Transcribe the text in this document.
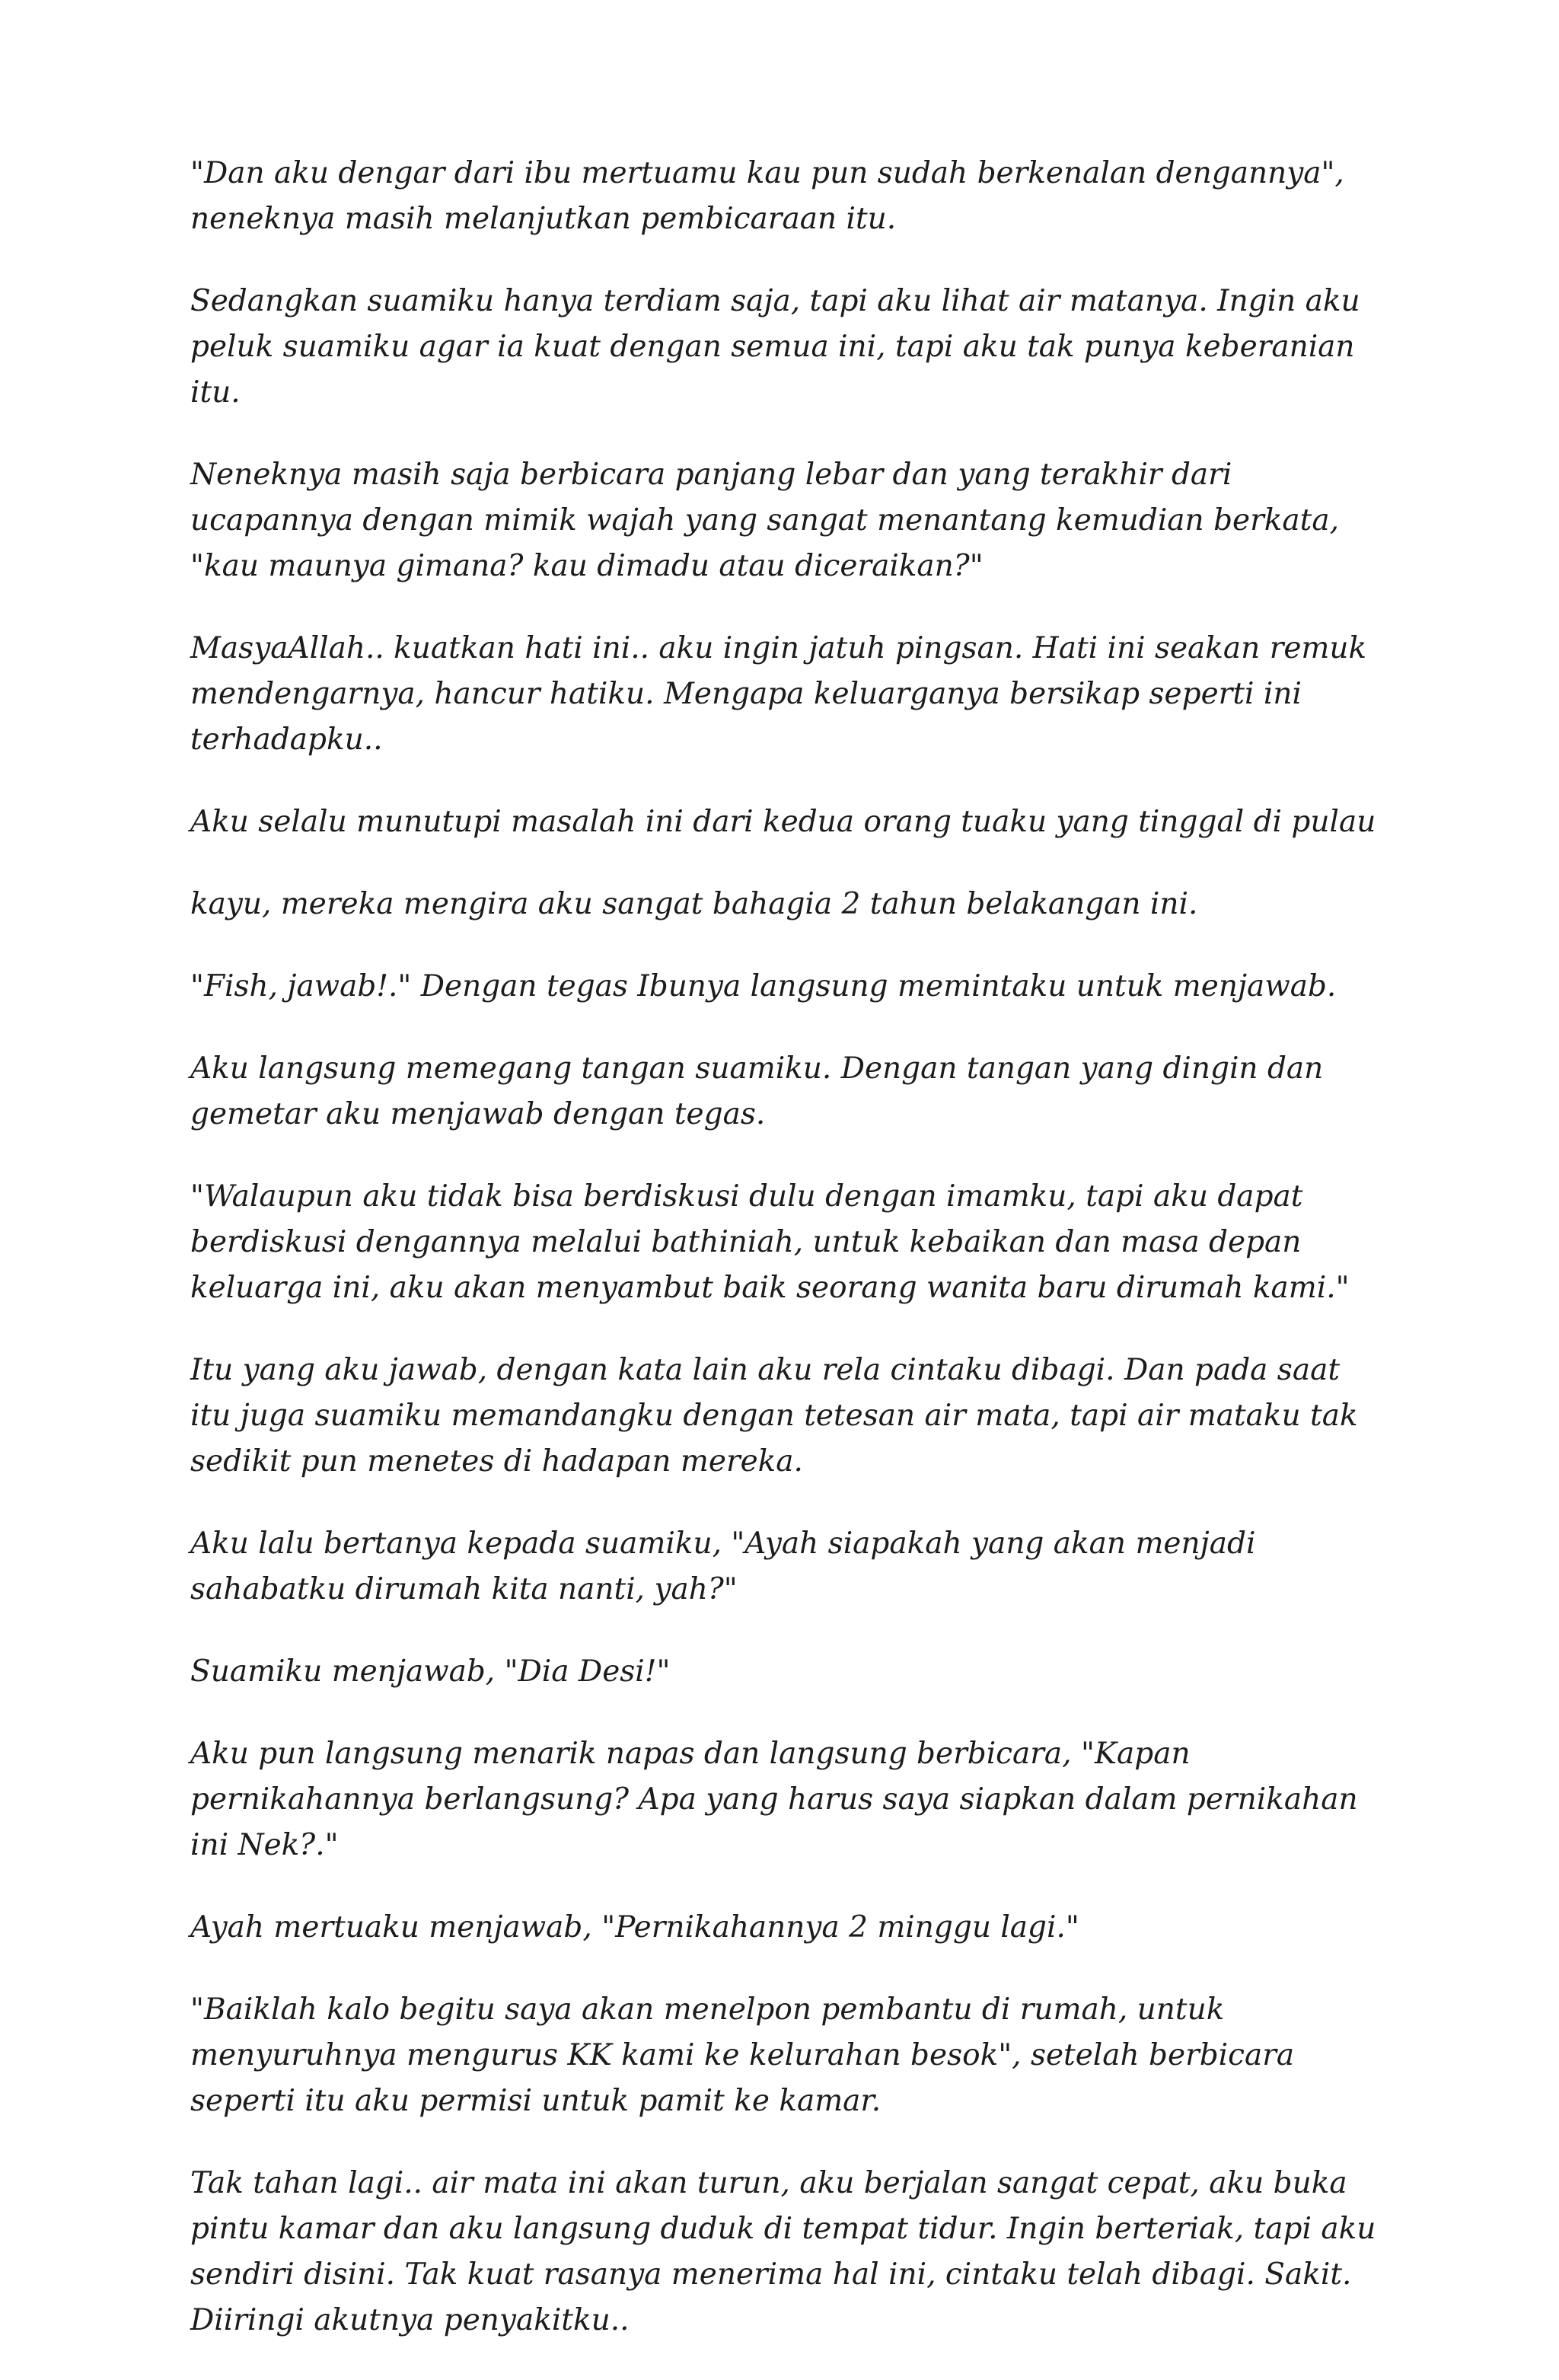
"Dan aku dengar dari ibu mertuamu kau pun sudah berkenalan dengannya", neneknya masih melanjutkan pembicaraan itu.

Sedangkan suamiku hanya terdiam saja, tapi aku lihat air matanya. Ingin aku peluk suamiku agar ia kuat dengan semua ini, tapi aku tak punya keberanian itu.

Neneknya masih saja berbicara panjang lebar dan yang terakhir dari ucapannya dengan mimik wajah yang sangat menantang kemudian berkata, "kau maunya gimana? kau dimadu atau diceraikan?"

MasyaAllah.. kuatkan hati ini.. aku ingin jatuh pingsan. Hati ini seakan remuk mendengarnya, hancur hatiku. Mengapa keluarganya bersikap seperti ini terhadapku..

Aku selalu munutupi masalah ini dari kedua orang tuaku yang tinggal di pulau

kayu, mereka mengira aku sangat bahagia 2 tahun belakangan ini.

"Fish, jawab!." Dengan tegas Ibunya langsung memintaku untuk menjawab.

Aku langsung memegang tangan suamiku. Dengan tangan yang dingin dan gemetar aku menjawab dengan tegas.

"Walaupun aku tidak bisa berdiskusi dulu dengan imamku, tapi aku dapat berdiskusi dengannya melalui bathiniah, untuk kebaikan dan masa depan keluarga ini, aku akan menyambut baik seorang wanita baru dirumah kami."

Itu yang aku jawab, dengan kata lain aku rela cintaku dibagi. Dan pada saat itu juga suamiku memandangku dengan tetesan air mata, tapi air mataku tak sedikit pun menetes di hadapan mereka.

Aku lalu bertanya kepada suamiku, "Ayah siapakah yang akan menjadi sahabatku dirumah kita nanti, yah?"

Suamiku menjawab, "Dia Desi!"

Aku pun langsung menarik napas dan langsung berbicara, "Kapan pernikahannya berlangsung? Apa yang harus saya siapkan dalam pernikahan ini Nek?."

Ayah mertuaku menjawab, "Pernikahannya 2 minggu lagi."

"Baiklah kalo begitu saya akan menelpon pembantu di rumah, untuk menyuruhnya mengurus KK kami ke kelurahan besok", setelah berbicara seperti itu aku permisi untuk pamit ke kamar.

Tak tahan lagi.. air mata ini akan turun, aku berjalan sangat cepat, aku buka pintu kamar dan aku langsung duduk di tempat tidur. Ingin berteriak, tapi aku sendiri disini. Tak kuat rasanya menerima hal ini, cintaku telah dibagi. Sakit. Diiringi akutnya penyakitku..
